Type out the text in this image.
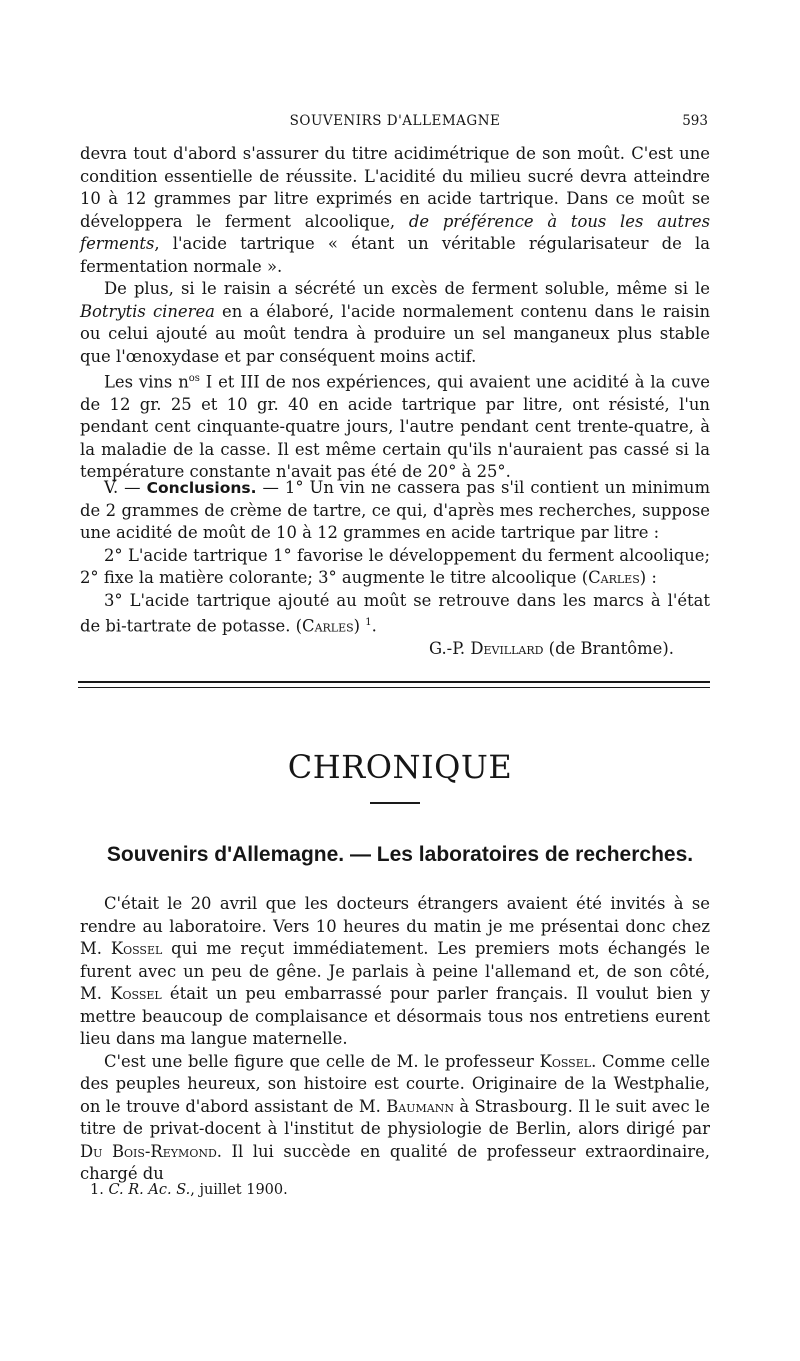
SOUVENIRS D'ALLEMAGNE	593

devra tout d'abord s'assurer du titre acidimétrique de son moût. C'est une condition essentielle de réussite. L'acidité du milieu sucré devra atteindre 10 à 12 grammes par litre exprimés en acide tartrique. Dans ce moût se développera le ferment alcoolique, de préférence à tous les autres ferments, l'acide tartrique « étant un véritable régularisateur de la fermentation normale ».

De plus, si le raisin a sécrété un excès de ferment soluble, même si le Botrytis cinerea en a élaboré, l'acide normalement contenu dans le raisin ou celui ajouté au moût tendra à produire un sel manganeux plus stable que l'œnoxydase et par conséquent moins actif.

Les vins $n^{os}$ I et III de nos expériences, qui avaient une acidité à la cuve de 12 gr. 25 et 10 gr. 40 en acide tartrique par litre, ont résisté, l'un pendant cent cinquante-quatre jours, l'autre pendant cent trente-quatre, à la maladie de la casse. Il est même certain qu'ils n'auraient pas cassé si la température constante n'avait pas été de 20° à 25°.

V. — Conclusions. — 1° Un vin ne cassera pas s'il contient un minimum de 2 grammes de crème de tartre, ce qui, d'après mes recherches, suppose une acidité de moût de 10 à 12 grammes en acide tartrique par litre :

2° L'acide tartrique 1° favorise le développement du ferment alcoolique; 2° fixe la matière colorante; 3° augmente le titre alcoolique (Carles) :

3° L'acide tartrique ajouté au moût se retrouve dans les marcs à l'état de bi-tartrate de potasse. (Carles) $^1$.

G.-P. Devillard (de Brantôme).

CHRONIQUE
Souvenirs d'Allemagne. — Les laboratoires de recherches.

C'était le 20 avril que les docteurs étrangers avaient été invités à se rendre au laboratoire. Vers 10 heures du matin je me présentai donc chez M. Kossel qui me reçut immédiatement. Les premiers mots échangés le furent avec un peu de gêne. Je parlais à peine l'allemand et, de son côté, M. Kossel était un peu embarrassé pour parler français. Il voulut bien y mettre beaucoup de complaisance et désormais tous nos entretiens eurent lieu dans ma langue maternelle.

C'est une belle figure que celle de M. le professeur Kossel. Comme celle des peuples heureux, son histoire est courte. Originaire de la Westphalie, on le trouve d'abord assistant de M. Baumann à Strasbourg. Il le suit avec le titre de privat-docent à l'institut de physiologie de Berlin, alors dirigé par Du Bois-Reymond. Il lui succède en qualité de professeur extraordinaire, chargé du

1. C. R. Ac. S., juillet 1900.
